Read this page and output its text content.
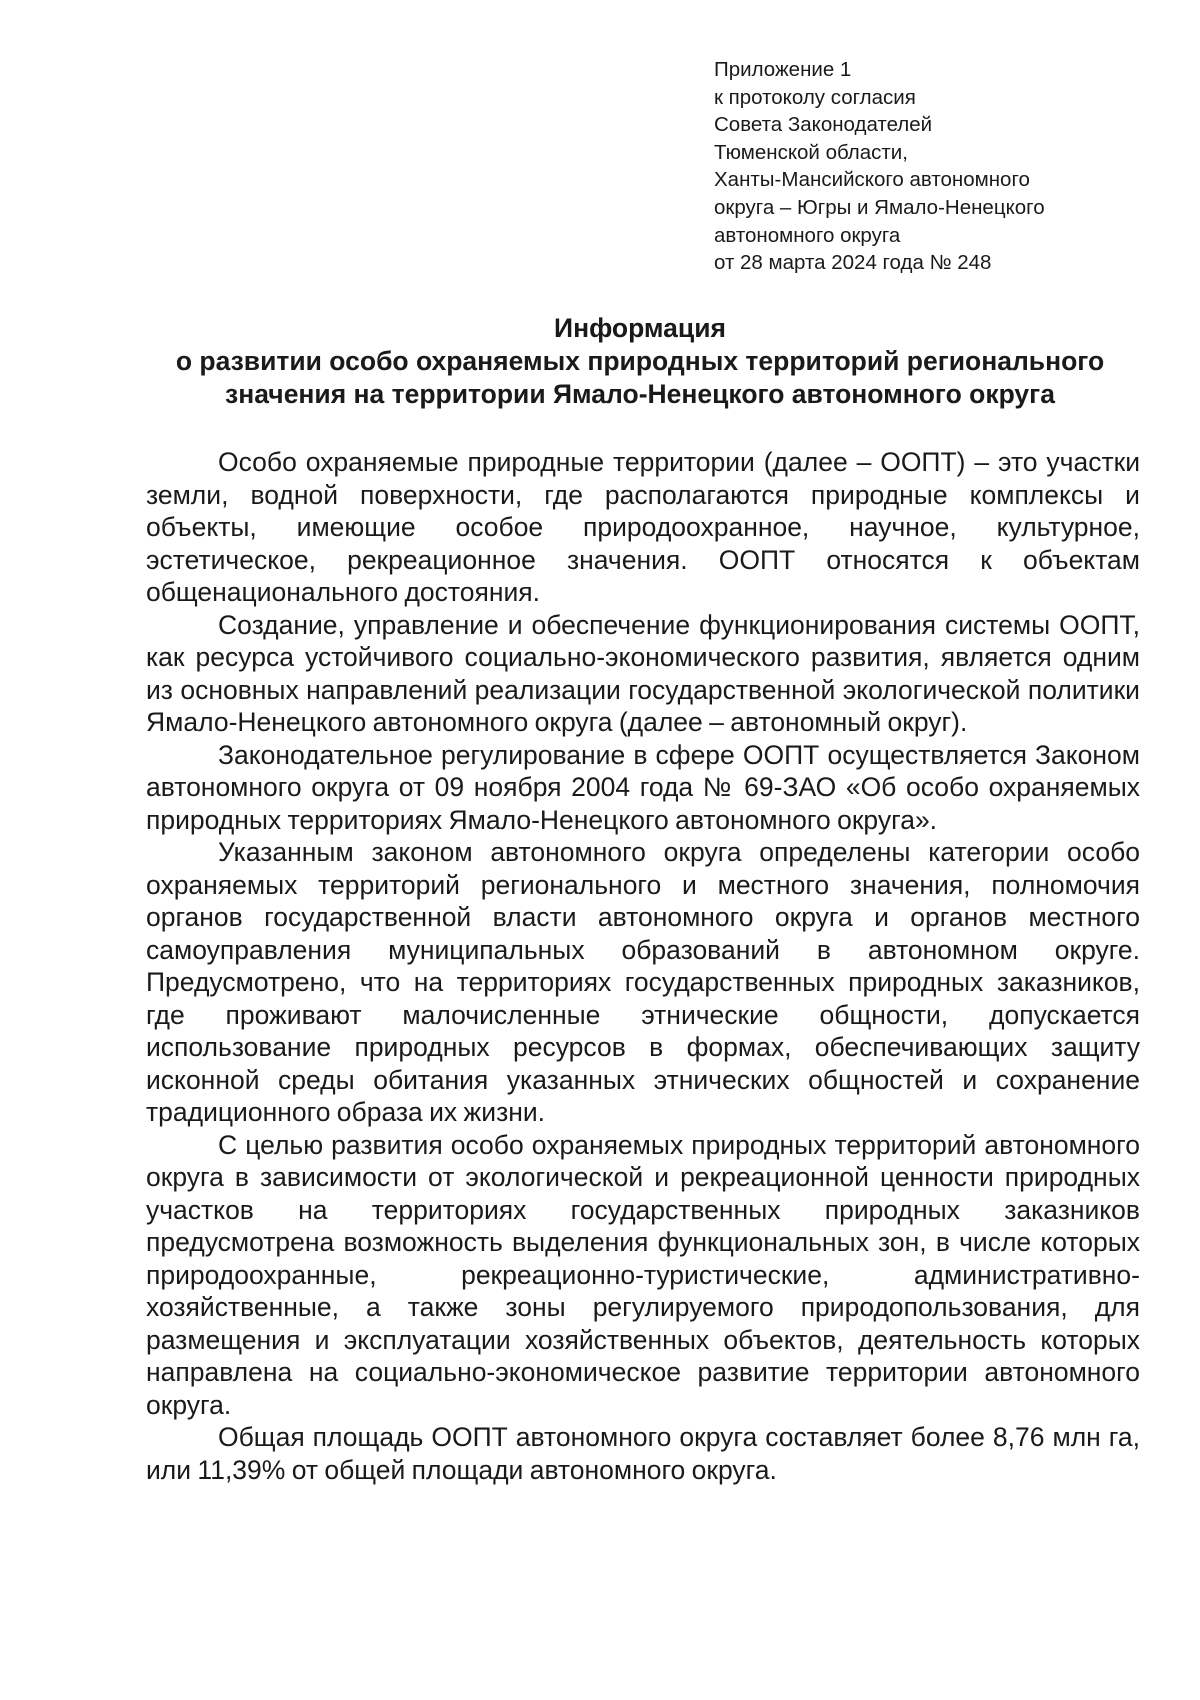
Приложение 1
к протоколу согласия
Совета Законодателей
Тюменской области,
Ханты-Мансийского автономного
округа – Югры и Ямало-Ненецкого
автономного округа
от 28 марта 2024 года № 248
Информация
о развитии особо охраняемых природных территорий регионального
значения на территории Ямало-Ненецкого автономного округа

Особо охраняемые природные территории (далее – ООПТ) – это участки земли, водной поверхности, где располагаются природные комплексы и объекты, имеющие особое природоохранное, научное, культурное, эстетическое, рекреационное значения. ООПТ относятся к объектам общенационального достояния.

Создание, управление и обеспечение функционирования системы ООПТ, как ресурса устойчивого социально-экономического развития, является одним из основных направлений реализации государственной экологической политики Ямало-Ненецкого автономного округа (далее – автономный округ).

Законодательное регулирование в сфере ООПТ осуществляется Законом автономного округа от 09 ноября 2004 года № 69-ЗАО «Об особо охраняемых природных территориях Ямало-Ненецкого автономного округа».

Указанным законом автономного округа определены категории особо охраняемых территорий регионального и местного значения, полномочия органов государственной власти автономного округа и органов местного самоуправления муниципальных образований в автономном округе. Предусмотрено, что на территориях государственных природных заказников, где проживают малочисленные этнические общности, допускается использование природных ресурсов в формах, обеспечивающих защиту исконной среды обитания указанных этнических общностей и сохранение традиционного образа их жизни.

С целью развития особо охраняемых природных территорий автономного округа в зависимости от экологической и рекреационной ценности природных участков на территориях государственных природных заказников предусмотрена возможность выделения функциональных зон, в числе которых природоохранные, рекреационно-туристические, административно-хозяйственные, а также зоны регулируемого природопользования, для размещения и эксплуатации хозяйственных объектов, деятельность которых направлена на социально-экономическое развитие территории автономного округа.

Общая площадь ООПТ автономного округа составляет более 8,76 млн га, или 11,39% от общей площади автономного округа.
